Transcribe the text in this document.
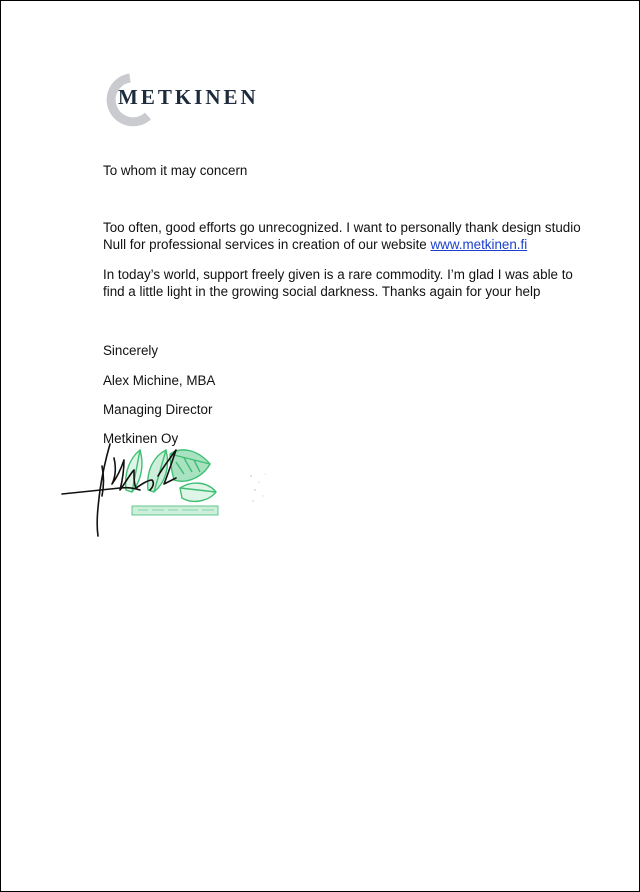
METKINEN
To whom it may concern
Too often, good efforts go unrecognized. I want to personally thank design studio
Null for professional services in creation of our website www.metkinen.fi
In today’s world, support freely given is a rare commodity. I’m glad I was able to
find a little light in the growing social darkness. Thanks again for your help
Sincerely
Alex Michine, MBA
Managing Director
Metkinen Oy
